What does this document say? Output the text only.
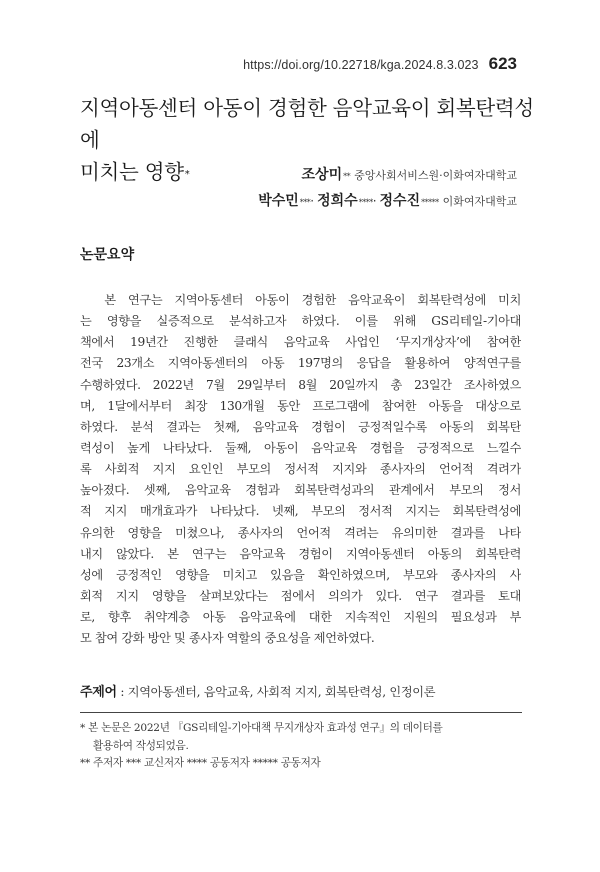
https://doi.org/10.22718/kga.2024.8.3.023 623
지역아동센터 아동이 경험한 음악교육이 회복탄력성에
미치는 영향*	조상미 ** 중앙사회서비스원·이화여자대학교
박수민 *** · 정희수 **** · 정수진 ***** 이화여자대학교
논문요약
본 연구는 지역아동센터 아동이 경험한 음악교육이 회복탄력성에 미치
는 영향을 실증적으로 분석하고자 하였다. 이를 위해 GS리테일-기아대
책에서 19년간 진행한 클래식 음악교육 사업인 ‘무지개상자’에 참여한
전국 23개소 지역아동센터의 아동 197명의 응답을 활용하여 양적연구를
수행하였다. 2022년 7월 29일부터 8월 20일까지 총 23일간 조사하였으
며, 1달에서부터 최장 130개월 동안 프로그램에 참여한 아동을 대상으로
하였다. 분석 결과는 첫째, 음악교육 경험이 긍정적일수록 아동의 회복탄
력성이 높게 나타났다. 둘째, 아동이 음악교육 경험을 긍정적으로 느낄수
록 사회적 지지 요인인 부모의 정서적 지지와 종사자의 언어적 격려가
높아졌다. 셋째, 음악교육 경험과 회복탄력성과의 관계에서 부모의 정서
적 지지 매개효과가 나타났다. 넷째, 부모의 정서적 지지는 회복탄력성에
유의한 영향을 미쳤으나, 종사자의 언어적 격려는 유의미한 결과를 나타
내지 않았다. 본 연구는 음악교육 경험이 지역아동센터 아동의 회복탄력
성에 긍정적인 영향을 미치고 있음을 확인하였으며, 부모와 종사자의 사
회적 지지 영향을 살펴보았다는 점에서 의의가 있다. 연구 결과를 토대
로, 향후 취약계층 아동 음악교육에 대한 지속적인 지원의 필요성과 부
모 참여 강화 방안 및 종사자 역할의 중요성을 제언하였다.
주제어 : 지역아동센터, 음악교육, 사회적 지지, 회복탄력성, 인정이론
* 본 논문은 2022년 『GS리테일-기아대책 무지개상자 효과성 연구』의 데이터를
활용하여 작성되었음.
** 주저자 *** 교신저자 **** 공동저자 ***** 공동저자
